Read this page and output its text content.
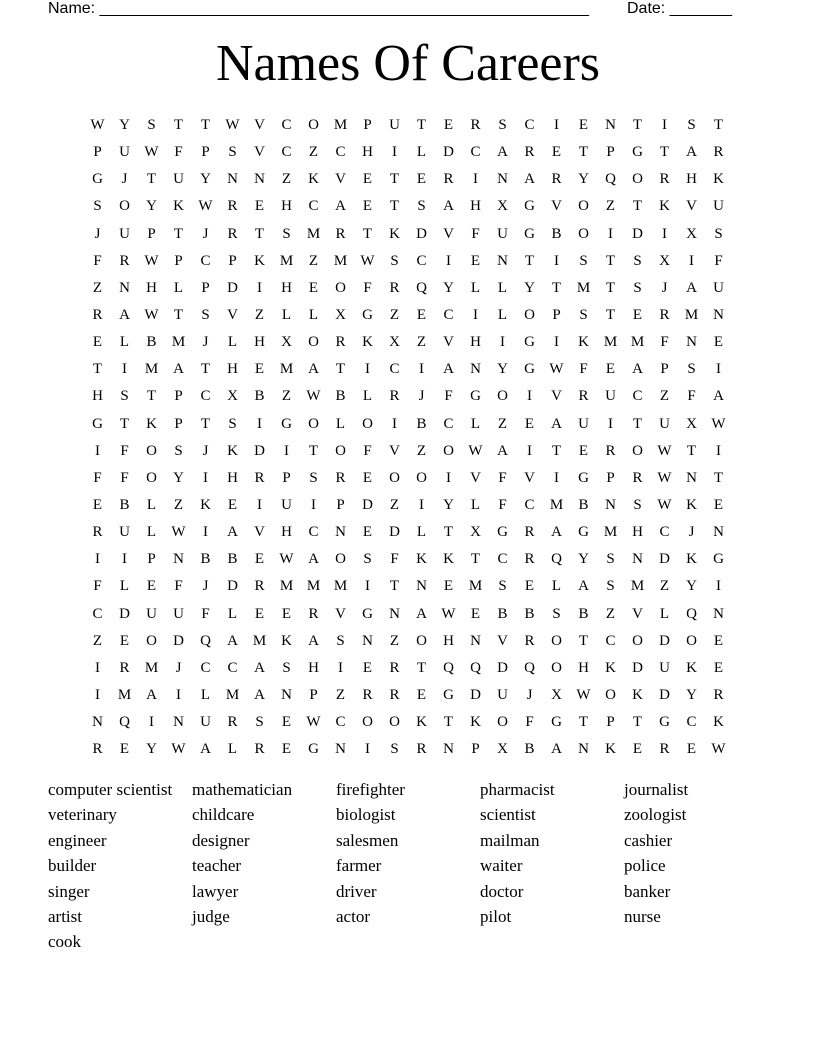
Name: _______________________________________________________ Date: _______
Names Of Careers
W Y	S	T	T	W V	C	O M	P	U	T	E	R	S	C	I	E	N	T	I	S	T
P	U W	F	P	S	V	C	Z	C	H	I	L	D	C	A	R	E	T	P	G	T	A	R
G	J	T	U	Y	N	N	Z	K	V	E	T	E	R	I	N	A	R	Y	Q	O	R	H	K
S	O	Y	K W R	E	H	C	A	E	T	S	A	H	X	G	V	O	Z	T	K	V	U
J	U	P	T	J	R	T	S	M	R	T	K	D	V	F	U	G	B	O	I	D	I	X	S
F	R W	P	C	P	K M	Z	M W	S	C	I	E	N	T	I	S	T	S	X	I	F
Z	N	H	L	P	D	I	H	E	O	F	R	Q	Y	L	L	Y	T	M	T	S	J	A	U
R	A W	T	S	V	Z	L	L	X	G	Z	E	C	I	L	O	P	S	T	E	R	M N
E	L	B	M	J	L	H	X	O	R	K	X	Z	V	H	I	G	I	K M M	F	N	E
T	I	M A	T	H	E	M A	T	I	C	I	A	N	Y	G W	F	E	A	P	S	I
H	S	T	P	C	X	B	Z	W B	L	R	J	F	G	O	I	V	R	U	C	Z	F	A
G	T	K	P	T	S	I	G	O	L	O	I	B	C	L	Z	E	A	U	I	T	U	X W
I	F	O	S	J	K	D	I	T	O	F	V	Z	O W A	I	T	E	R	O W	T	I
F	F	O	Y	I	H	R	P	S	R	E	O	O	I	V	F	V	I	G	P	R W N	T
E	B	L	Z	K	E	I	U	I	P	D	Z	I	Y	L	F	C	M	B	N	S	W K	E
R	U	L	W	I	A	V	H	C	N	E	D	L	T	X	G	R	A	G M H	C	J	N
I	I	P	N	B	B	E	W A	O	S	F	K	K	T	C	R	Q	Y	S	N	D	K	G
F	L	E	F	J	D	R	M M M	I	T	N	E	M	S	E	L	A	S	M	Z	Y	I
C	D	U	U	F	L	E	E	R	V	G	N	A W	E	B	B	S	B	Z	V	L	Q	N
Z	E	O	D	Q	A M K	A	S	N	Z	O	H	N	V	R	O	T	C	O	D	O	E
I	R	M	J	C	C	A	S	H	I	E	R	T	Q	Q	D	Q	O	H	K	D	U	K	E
I	M A	I	L	M A	N	P	Z	R	R	E	G	D	U	J	X W O	K	D	Y	R
N	Q	I	N	U	R	S	E	W C	O	O	K	T	K	O	F	G	T	P	T	G	C	K
R	E	Y W A	L	R	E	G	N	I	S	R	N	P	X	B	A	N	K	E	R	E	W
computer scientist	mathematician	firefighter	pharmacist	journalist
veterinary	childcare	biologist	scientist	zoologist
engineer	designer	salesmen	mailman	cashier
builder	teacher	farmer	waiter	police
singer	lawyer	driver	doctor	banker
artist	judge	actor	pilot	nurse
cook
